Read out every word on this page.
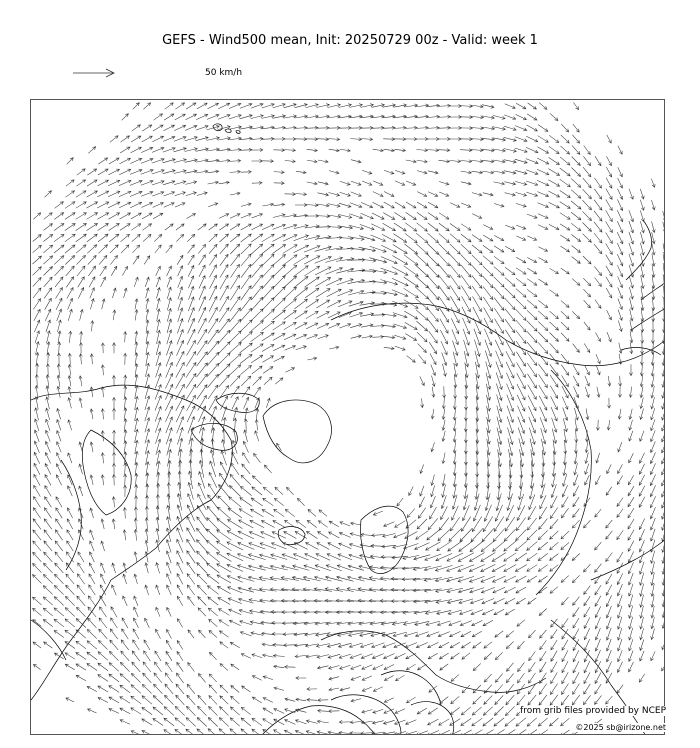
GEFS - Wind500 mean, Init: 20250729 00z - Valid: week 1
50 km/h
from grib files provided by NCEP
©2025 sb@irizone.net
